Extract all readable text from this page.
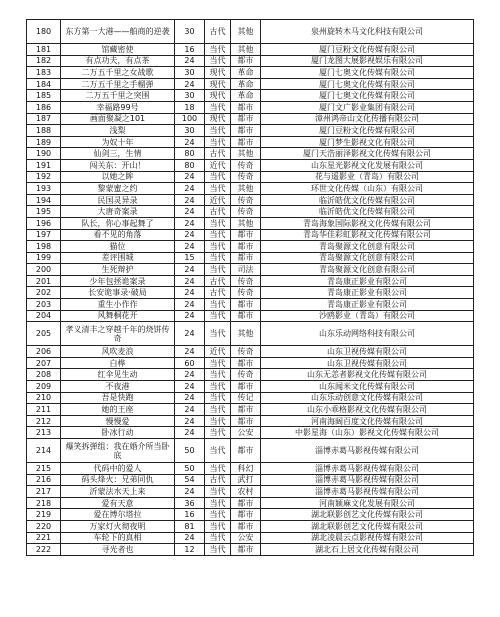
180	东方第一大港——舶商的逆袭	30	古代	其他	泉州旋转木马文化科技有限公司
181	馆藏密使	16	当代	其他	厦门豆粉文化传媒有限公司
182	有点功夫，有点茶	24	当代	都市	厦门龙图大展影视娱乐有限公司
183	二万五千里之女战歌	30	现代	革命	厦门七奥文化传媒有限公司
184	二万五千里之手榴弹	24	现代	革命	厦门七奥文化传媒有限公司
185	二万五千里之突围	30	现代	革命	厦门七奥文化传媒有限公司
186	幸福路99号	18	当代	都市	厦门文广影业集团有限公司
187	画面聚凝之101	100	现代	都市	漳州鸿帝山文化传播有限公司
188	浅梨	30	当代	都市	厦门豆粉文化传媒有限公司
189	为奴十年	24	当代	都市	厦门梦生影视文化有限公司
190	仙剑三，生情	80	古代	其他	厦门天浩丽泽影视文化传媒有限公司
191	闯关东：开山！	80	近代	传奇	山东星光影视文化发展有限公司
192	以她之眸	24	当代	传奇	花与遥影业（青岛）有限公司
193	黎蒙蜜之约	24	当代	其他	环世文化传媒（山东）有限公司
194	民国灵异录	24	近代	传奇	临沂皓优文化传媒有限公司
195	大唐奇案录	24	古代	传奇	临沂皓优文化传媒有限公司
196	队长，你心事起舞了	24	当代	其他	青岛海象国际影视文化传媒有限公司
197	看不见的角落	24	当代	都市	青岛华佳彩虹影视文化传媒有限公司
198	猫位	24	当代	都市	青岛聚源文化创意有限公司
199	差评围城	15	当代	都市	青岛聚源文化创意有限公司
200	生死辩护	24	当代	司法	青岛聚源文化创意有限公司
201	少年包拯诡案录	24	古代	传奇	青岛康正影业有限公司
202	长安诡事录·破局	24	古代	传奇	青岛康正影业有限公司
203	重生小作作	24	当代	都市	青岛康正影业有限公司
204	风舞桐花开	24	当代	都市	沙鸥影业（青岛）有限公司
205	孝义清丰之穿越千年的烧饼传奇	24	当代	其他	山东乐动网络科技有限公司
206	风吹麦浪	24	近代	传奇	山东卫视传媒有限公司
207	白桦	60	当代	都市	山东卫视传媒有限公司
208	红伞见生动	24	当代	传奇	山东无恙者影视文化传媒有限公司
209	不夜港	24	当代	都市	山东闻米文化传媒有限公司
210	吾是快跑	24	当代	传记	山东乐动创意文化传媒有限公司
211	她的王座	24	当代	都市	山东小乖格影视文化传媒有限公司
212	慢慢爱	24	当代	都市	河南海阔百度文化传媒有限公司
213	卧冰行动	24	当代	公安	中影星海（山东）影视文化传媒有限公司
214	爆笑拆弹组：我在婚介所当卧底	50	当代	都市	淄博赤葛马影视传媒有限公司
215	代码中的爱人	50	当代	科幻	淄博赤葛马影视传媒有限公司
216	码头烽火：兄弟同仇	54	古代	武打	淄博赤葛马影视传媒有限公司
217	沂蒙法水天上来	24	当代	农村	淄博赤葛马影视传媒有限公司
218	爱有天意	36	当代	都市	河南颖麻文化发展有限公司
219	爱在博尔塔拉	16	当代	都市	湖北联影创艺文化传媒有限公司
220	万家灯火彻夜明	81	当代	都市	湖北联影创艺文化传媒有限公司
221	车轮下的真相	24	当代	公安	湖北凌晨云点影视传媒有限公司
222	寻光者也	12	当代	都市	湖北石上居文化传媒有限公司
